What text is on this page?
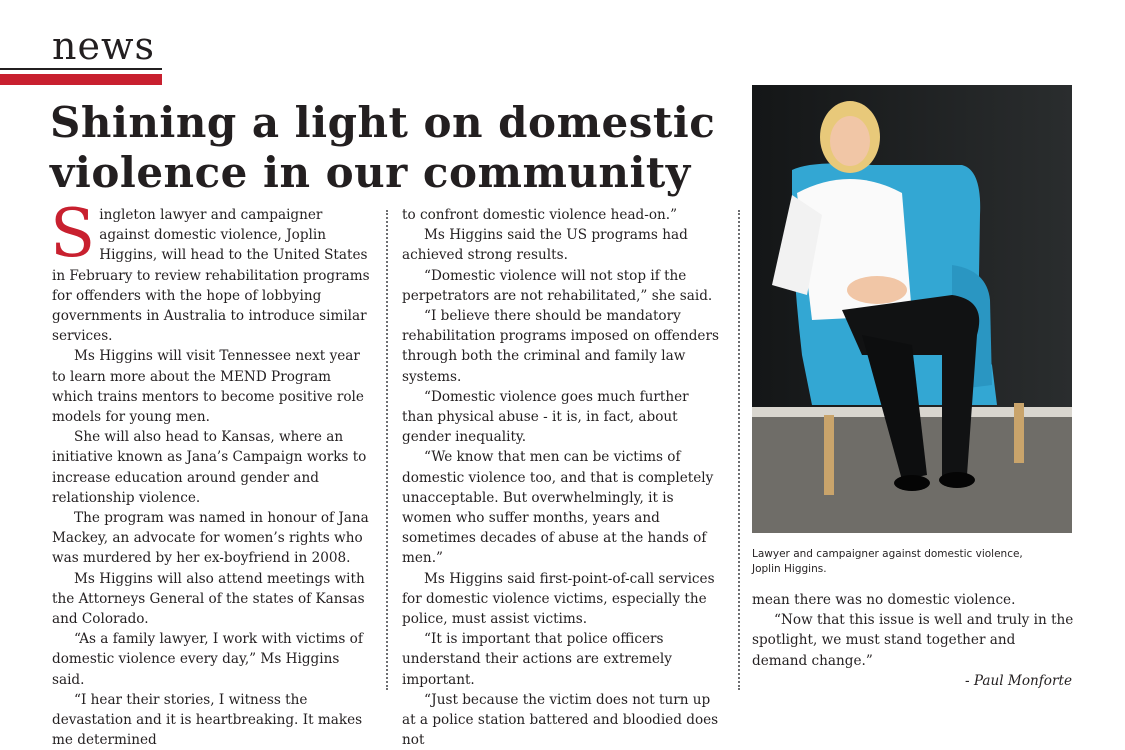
news
Shining a light on domestic
violence in our community

Singleton lawyer and campaigner against domestic violence, Joplin Higgins, will head to the United States in February to review rehabilitation programs for offenders with the hope of lobbying governments in Australia to introduce similar services.

Ms Higgins will visit Tennessee next year to learn more about the MEND Program which trains mentors to become positive role models for young men.

She will also head to Kansas, where an initiative known as Jana’s Campaign works to increase education around gender and relationship violence.

The program was named in honour of Jana Mackey, an advocate for women’s rights who was murdered by her ex-boyfriend in 2008.

Ms Higgins will also attend meetings with the Attorneys General of the states of Kansas and Colorado.

“As a family lawyer, I work with victims of domestic violence every day,” Ms Higgins said.

“I hear their stories, I witness the devastation and it is heartbreaking. It makes me determined

to confront domestic violence head-on.”

Ms Higgins said the US programs had achieved strong results.

“Domestic violence will not stop if the perpetrators are not rehabilitated,” she said.

“I believe there should be mandatory rehabilitation programs imposed on offenders through both the criminal and family law systems.

“Domestic violence goes much further than physical abuse - it is, in fact, about gender inequality.

“We know that men can be victims of domestic violence too, and that is completely unacceptable. But overwhelmingly, it is women who suffer months, years and sometimes decades of abuse at the hands of men.”

Ms Higgins said first-point-of-call services for domestic violence victims, especially the police, must assist victims.

“It is important that police officers understand their actions are extremely important.

“Just because the victim does not turn up at a police station battered and bloodied does not

Lawyer and campaigner against domestic violence,
Joplin Higgins.

mean there was no domestic violence.

“Now that this issue is well and truly in the spotlight, we must stand together and demand change.”

- Paul Monforte
